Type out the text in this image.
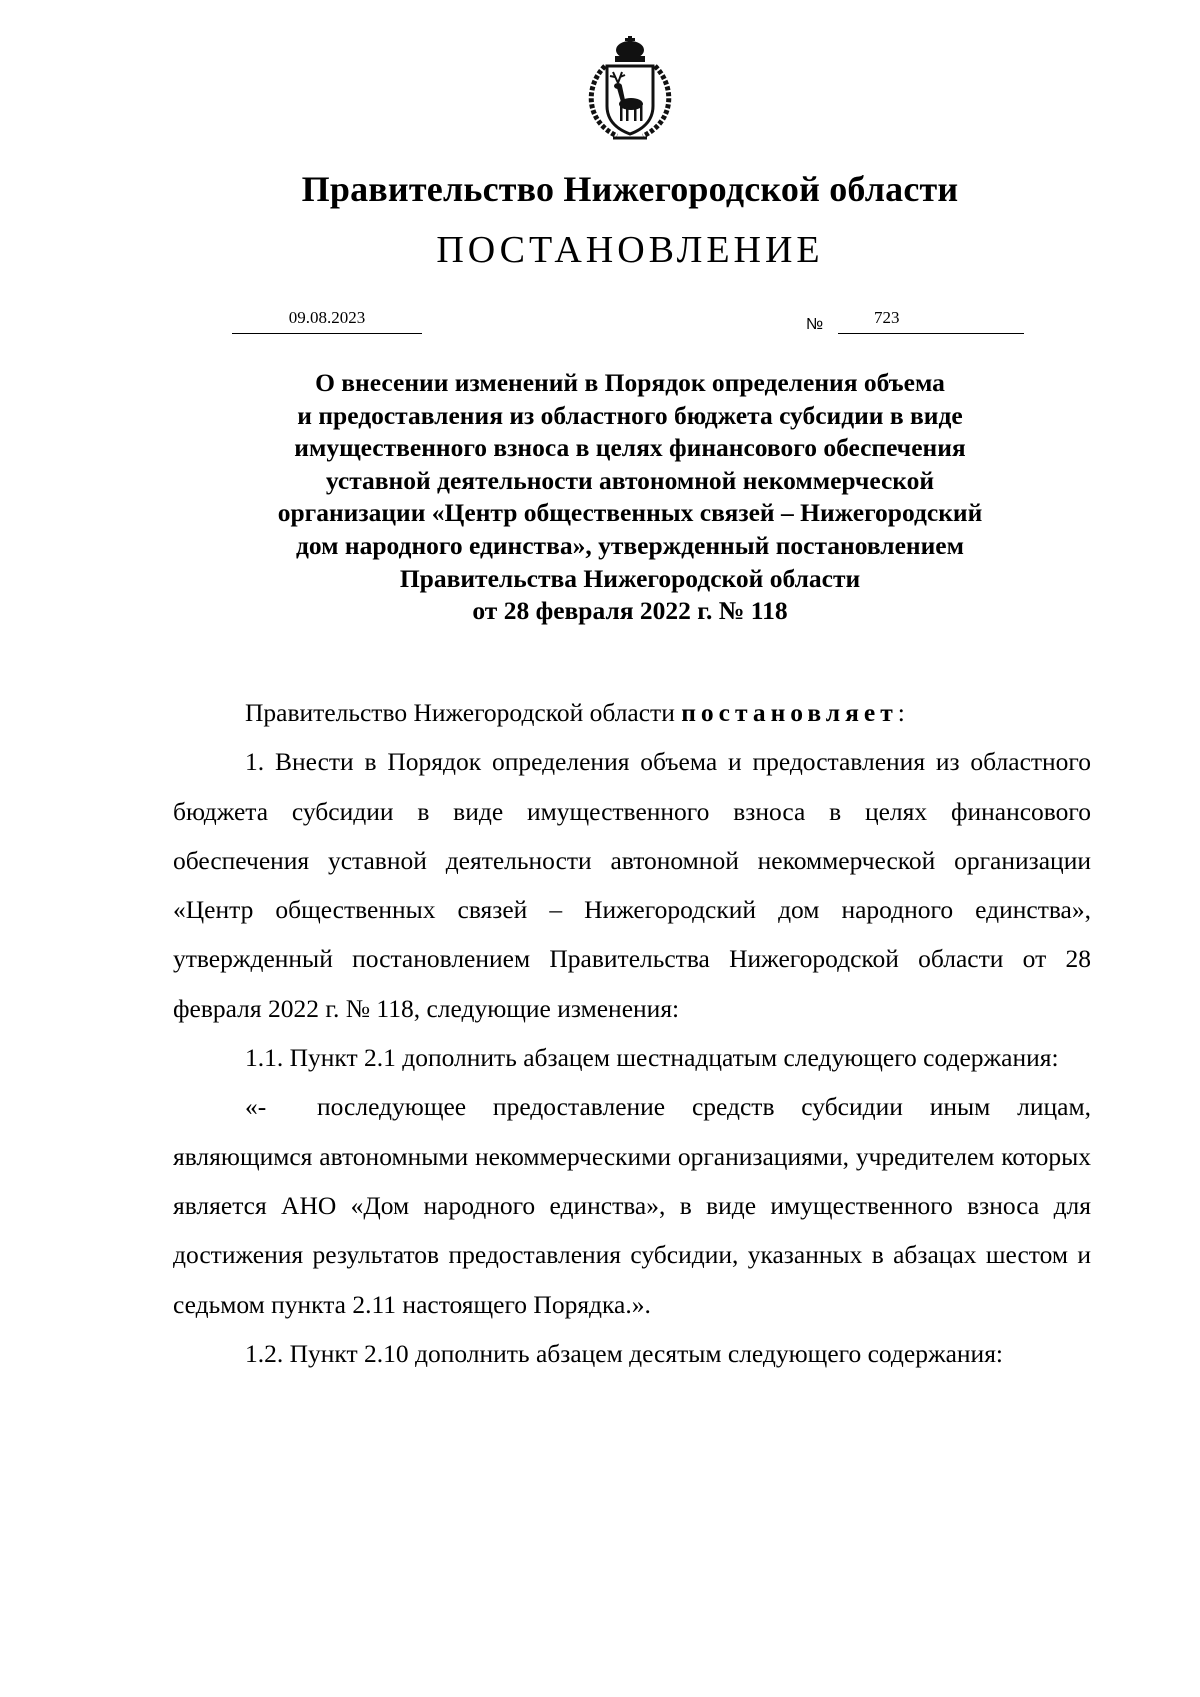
Правительство Нижегородской области
ПОСТАНОВЛЕНИЕ
09.08.2023	№	723
О внесении изменений в Порядок определения объема
и предоставления из областного бюджета субсидии в виде
имущественного взноса в целях финансового обеспечения
уставной деятельности автономной некоммерческой
организации «Центр общественных связей – Нижегородский
дом народного единства», утвержденный постановлением
Правительства Нижегородской области
от 28 февраля 2022 г. № 118

Правительство Нижегородской области постановляет:

1. Внести в Порядок определения объема и предоставления из областного бюджета субсидии в виде имущественного взноса в целях финансового обеспечения уставной деятельности автономной некоммерческой организации «Центр общественных связей – Нижегородский дом народного единства», утвержденный постановлением Правительства Нижегородской области от 28 февраля 2022 г. № 118, следующие изменения:

1.1. Пункт 2.1 дополнить абзацем шестнадцатым следующего содержания:

«- последующее предоставление средств субсидии иным лицам, являющимся автономными некоммерческими организациями, учредителем которых является АНО «Дом народного единства», в виде имущественного взноса для достижения результатов предоставления субсидии, указанных в абзацах шестом и седьмом пункта 2.11 настоящего Порядка.».

1.2. Пункт 2.10 дополнить абзацем десятым следующего содержания:
